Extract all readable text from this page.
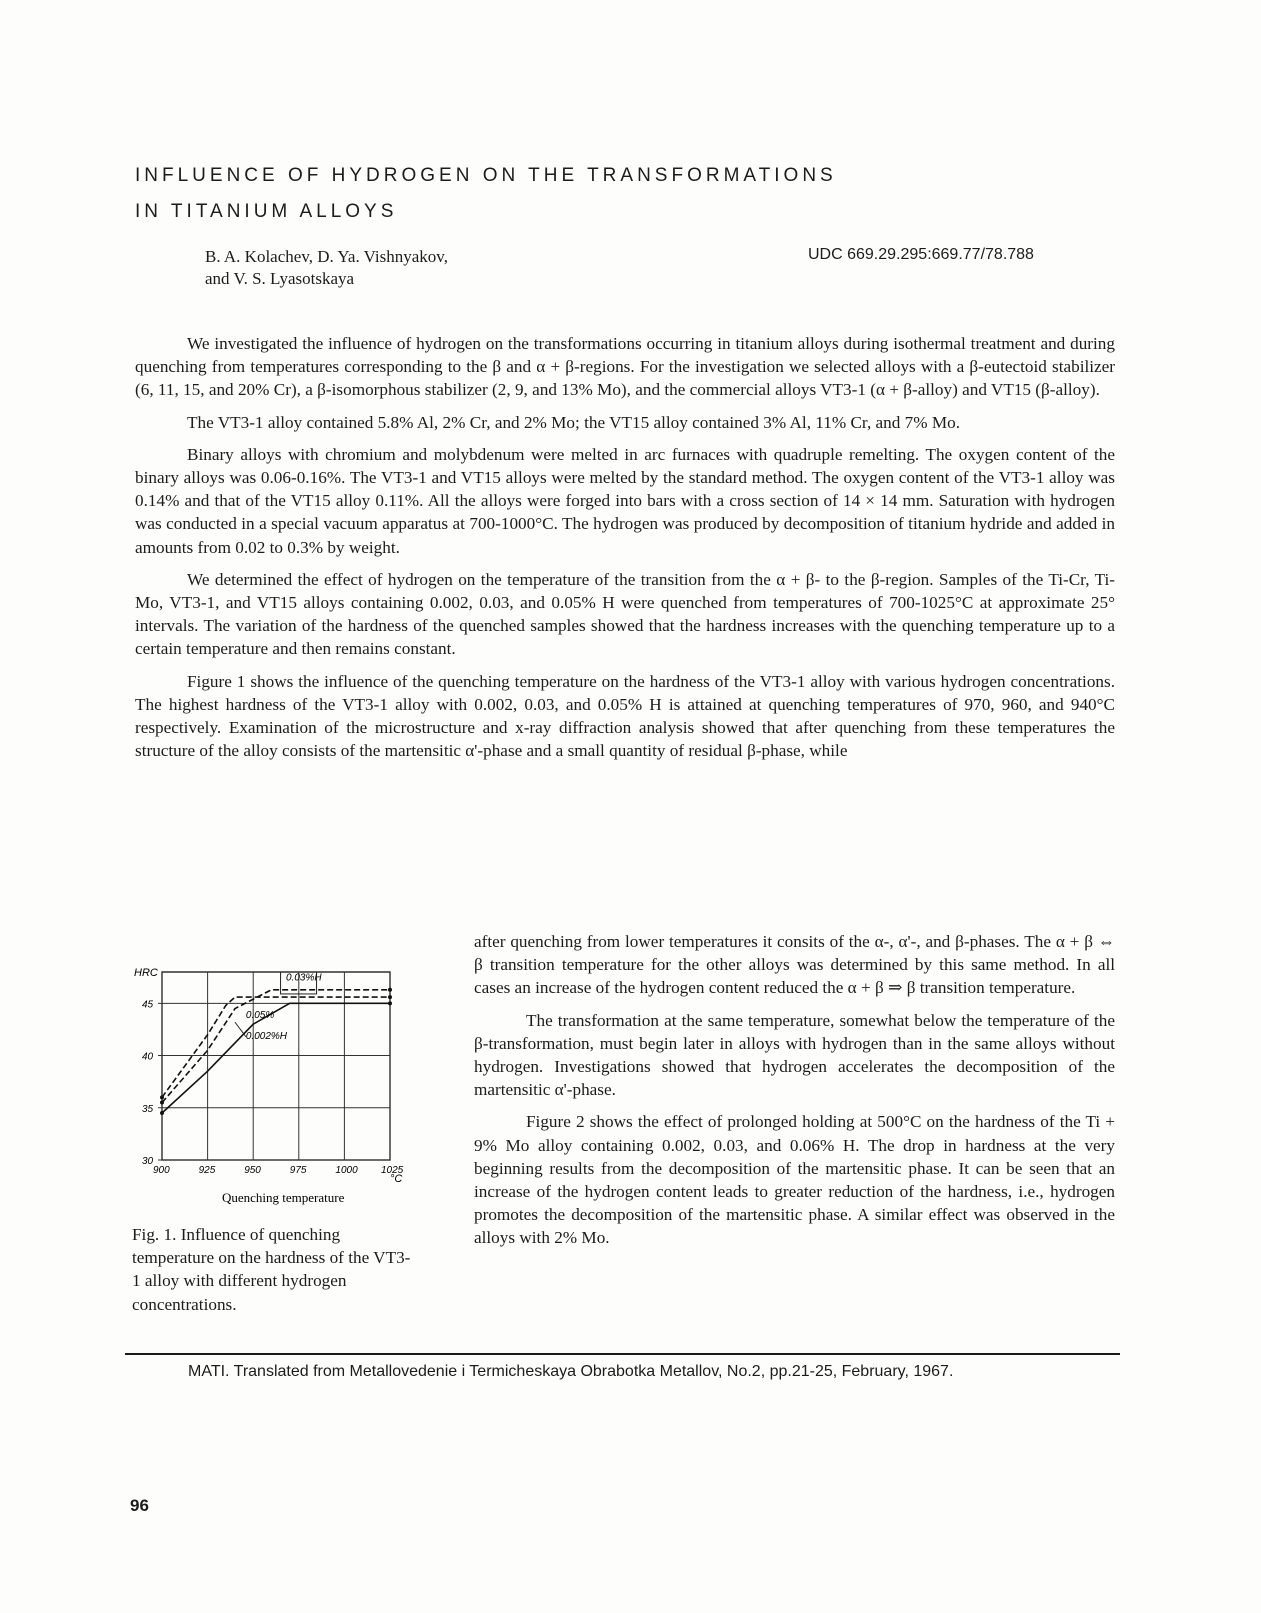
INFLUENCE OF HYDROGEN ON THE TRANSFORMATIONS
IN TITANIUM ALLOYS
B. A. Kolachev, D. Ya. Vishnyakov,
and V. S. Lyasotskaya
UDC 669.29.295:669.77/78.788

We investigated the influence of hydrogen on the transformations occurring in titanium alloys during isothermal treatment and during quenching from temperatures corresponding to the β and α + β-regions. For the investigation we selected alloys with a β-eutectoid stabilizer (6, 11, 15, and 20% Cr), a β-isomorphous stabilizer (2, 9, and 13% Mo), and the commercial alloys VT3-1 (α + β-alloy) and VT15 (β-alloy).

The VT3-1 alloy contained 5.8% Al, 2% Cr, and 2% Mo; the VT15 alloy contained 3% Al, 11% Cr, and 7% Mo.

Binary alloys with chromium and molybdenum were melted in arc furnaces with quadruple remelting. The oxygen content of the binary alloys was 0.06-0.16%. The VT3-1 and VT15 alloys were melted by the standard method. The oxygen content of the VT3-1 alloy was 0.14% and that of the VT15 alloy 0.11%. All the alloys were forged into bars with a cross section of 14 × 14 mm. Saturation with hydrogen was conducted in a special vacuum apparatus at 700-1000°C. The hydrogen was produced by decomposition of titanium hydride and added in amounts from 0.02 to 0.3% by weight.

We determined the effect of hydrogen on the temperature of the transition from the α + β- to the β-region. Samples of the Ti-Cr, Ti-Mo, VT3-1, and VT15 alloys containing 0.002, 0.03, and 0.05% H were quenched from temperatures of 700-1025°C at approximate 25° intervals. The variation of the hardness of the quenched samples showed that the hardness increases with the quenching temperature up to a certain temperature and then remains constant.

Figure 1 shows the influence of the quenching temperature on the hardness of the VT3-1 alloy with various hydrogen concentrations. The highest hardness of the VT3-1 alloy with 0.002, 0.03, and 0.05% H is attained at quenching temperatures of 970, 960, and 940°C respectively. Examination of the microstructure and x-ray diffraction analysis showed that after quenching from these temperatures the structure of the alloy consists of the martensitic α'-phase and a small quantity of residual β-phase, while

900	925	950	975	1000 1025
30
35
40
45
HRC
°C
Quenching temperature
0.03%H
0.05%
0.002%H
Fig. 1. Influence of quenching temperature on the hardness of the VT3-1 alloy with different hydrogen concentrations.

after quenching from lower temperatures it consits of the α-, α'-, and β-phases. The α + β ⇔ β transition temperature for the other alloys was determined by this same method. In all cases an increase of the hydrogen content reduced the α + β ⇒ β transition temperature.

The transformation at the same temperature, somewhat below the temperature of the β-transformation, must begin later in alloys with hydrogen than in the same alloys without hydrogen. Investigations showed that hydrogen accelerates the decomposition of the martensitic α'-phase.

Figure 2 shows the effect of prolonged holding at 500°C on the hardness of the Ti + 9% Mo alloy containing 0.002, 0.03, and 0.06% H. The drop in hardness at the very beginning results from the decomposition of the martensitic phase. It can be seen that an increase of the hydrogen content leads to greater reduction of the hardness, i.e., hydrogen promotes the decomposition of the martensitic phase. A similar effect was observed in the alloys with 2% Mo.

MATI. Translated from Metallovedenie i Termicheskaya Obrabotka Metallov, No.2, pp.21-25, February, 1967.
96
